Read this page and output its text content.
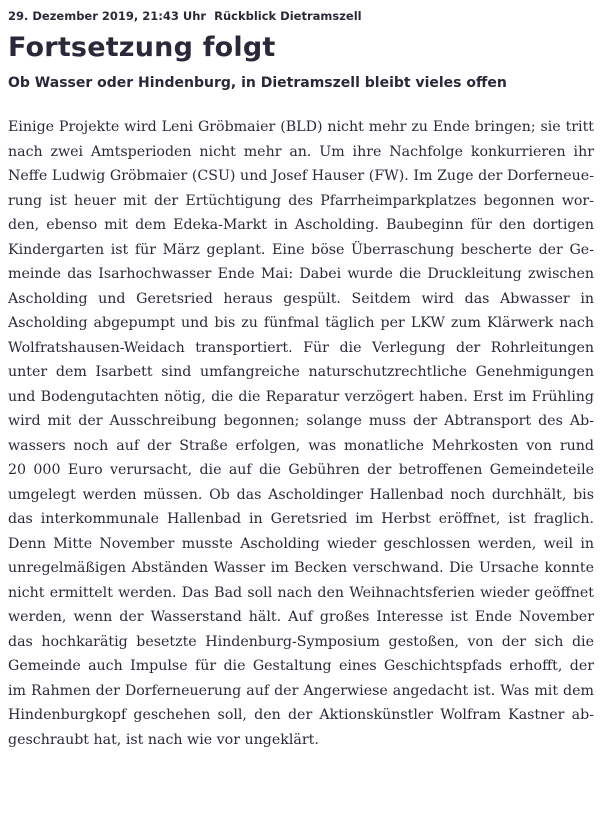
29. Dezember 2019, 21:43 Uhr Rückblick Dietramszell
Fortsetzung folgt
Ob Wasser oder Hindenburg, in Dietramszell bleibt vieles offen
Einige Projekte wird Leni Gröbmaier (BLD) nicht mehr zu Ende bringen; sie tritt
nach zwei Amtsperioden nicht mehr an. Um ihre Nachfolge konkurrieren ihr
Neffe Ludwig Gröbmaier (CSU) und Josef Hauser (FW). Im Zuge der Dorferneue-
rung ist heuer mit der Ertüchtigung des Pfarrheimparkplatzes begonnen wor-
den, ebenso mit dem Edeka-Markt in Ascholding. Baubeginn für den dortigen
Kindergarten ist für März geplant. Eine böse Überraschung bescherte der Ge-
meinde das Isarhochwasser Ende Mai: Dabei wurde die Druckleitung zwischen
Ascholding und Geretsried heraus gespült. Seitdem wird das Abwasser in
Ascholding abgepumpt und bis zu fünfmal täglich per LKW zum Klärwerk nach
Wolfratshausen-Weidach transportiert. Für die Verlegung der Rohrleitungen
unter dem Isarbett sind umfangreiche naturschutzrechtliche Genehmigungen
und Bodengutachten nötig, die die Reparatur verzögert haben. Erst im Frühling
wird mit der Ausschreibung begonnen; solange muss der Abtransport des Ab-
wassers noch auf der Straße erfolgen, was monatliche Mehrkosten von rund
20 000 Euro verursacht, die auf die Gebühren der betroffenen Gemeindeteile
umgelegt werden müssen. Ob das Ascholdinger Hallenbad noch durchhält, bis
das interkommunale Hallenbad in Geretsried im Herbst eröffnet, ist fraglich.
Denn Mitte November musste Ascholding wieder geschlossen werden, weil in
unregelmäßigen Abständen Wasser im Becken verschwand. Die Ursache konnte
nicht ermittelt werden. Das Bad soll nach den Weihnachtsferien wieder geöffnet
werden, wenn der Wasserstand hält. Auf großes Interesse ist Ende November
das hochkarätig besetzte Hindenburg-Symposium gestoßen, von der sich die
Gemeinde auch Impulse für die Gestaltung eines Geschichtspfads erhofft, der
im Rahmen der Dorferneuerung auf der Angerwiese angedacht ist. Was mit dem
Hindenburgkopf geschehen soll, den der Aktionskünstler Wolfram Kastner ab-
geschraubt hat, ist nach wie vor ungeklärt.
